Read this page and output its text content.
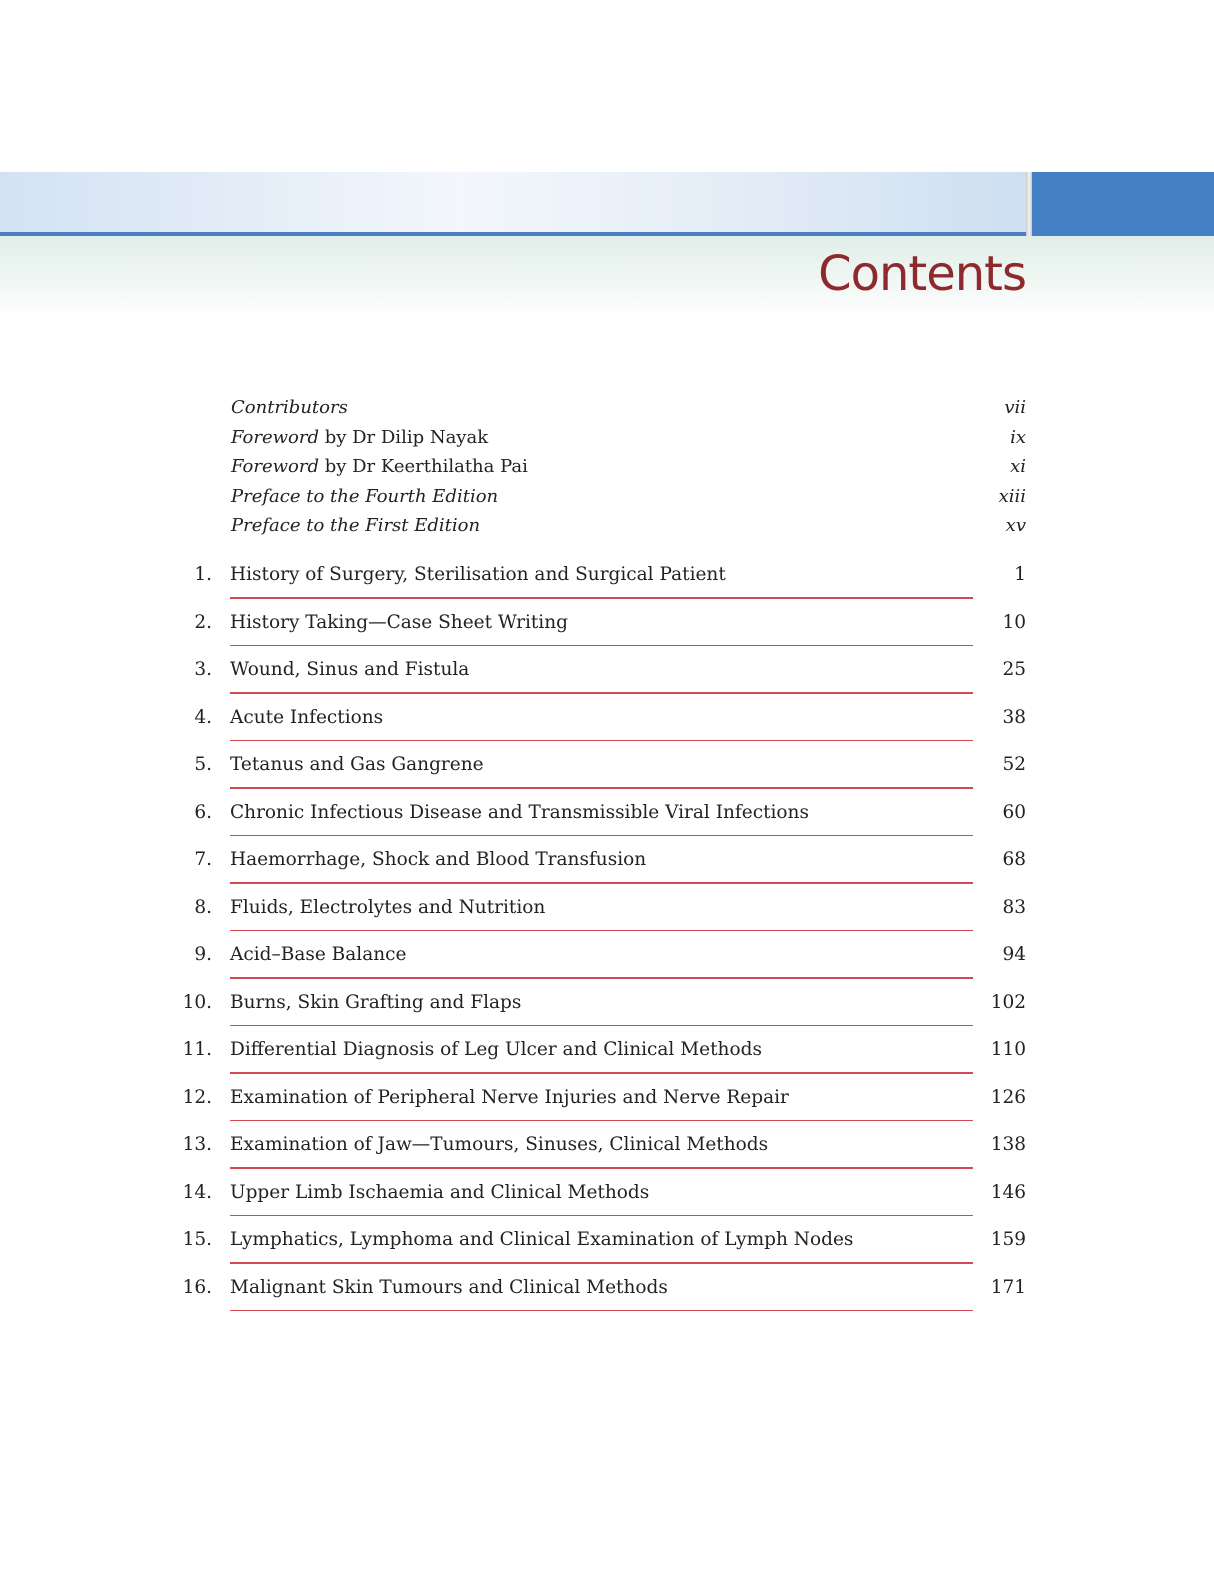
Contents
Contributors	vii
Foreword by Dr Dilip Nayak	ix
Foreword by Dr Keerthilatha Pai	xi
Preface to the Fourth Edition	xiii
Preface to the First Edition	xv
1. History of Surgery, Sterilisation and Surgical Patient	1
2. History Taking—Case Sheet Writing	10
3. Wound, Sinus and Fistula	25
4. Acute Infections	38
5. Tetanus and Gas Gangrene	52
6. Chronic Infectious Disease and Transmissible Viral Infections	60
7. Haemorrhage, Shock and Blood Transfusion	68
8. Fluids, Electrolytes and Nutrition	83
9. Acid–Base Balance	94
10. Burns, Skin Grafting and Flaps	102
11. Differential Diagnosis of Leg Ulcer and Clinical Methods	110
12. Examination of Peripheral Nerve Injuries and Nerve Repair	126
13. Examination of Jaw—Tumours, Sinuses, Clinical Methods	138
14. Upper Limb Ischaemia and Clinical Methods	146
15. Lymphatics, Lymphoma and Clinical Examination of Lymph Nodes	159
16. Malignant Skin Tumours and Clinical Methods	171
